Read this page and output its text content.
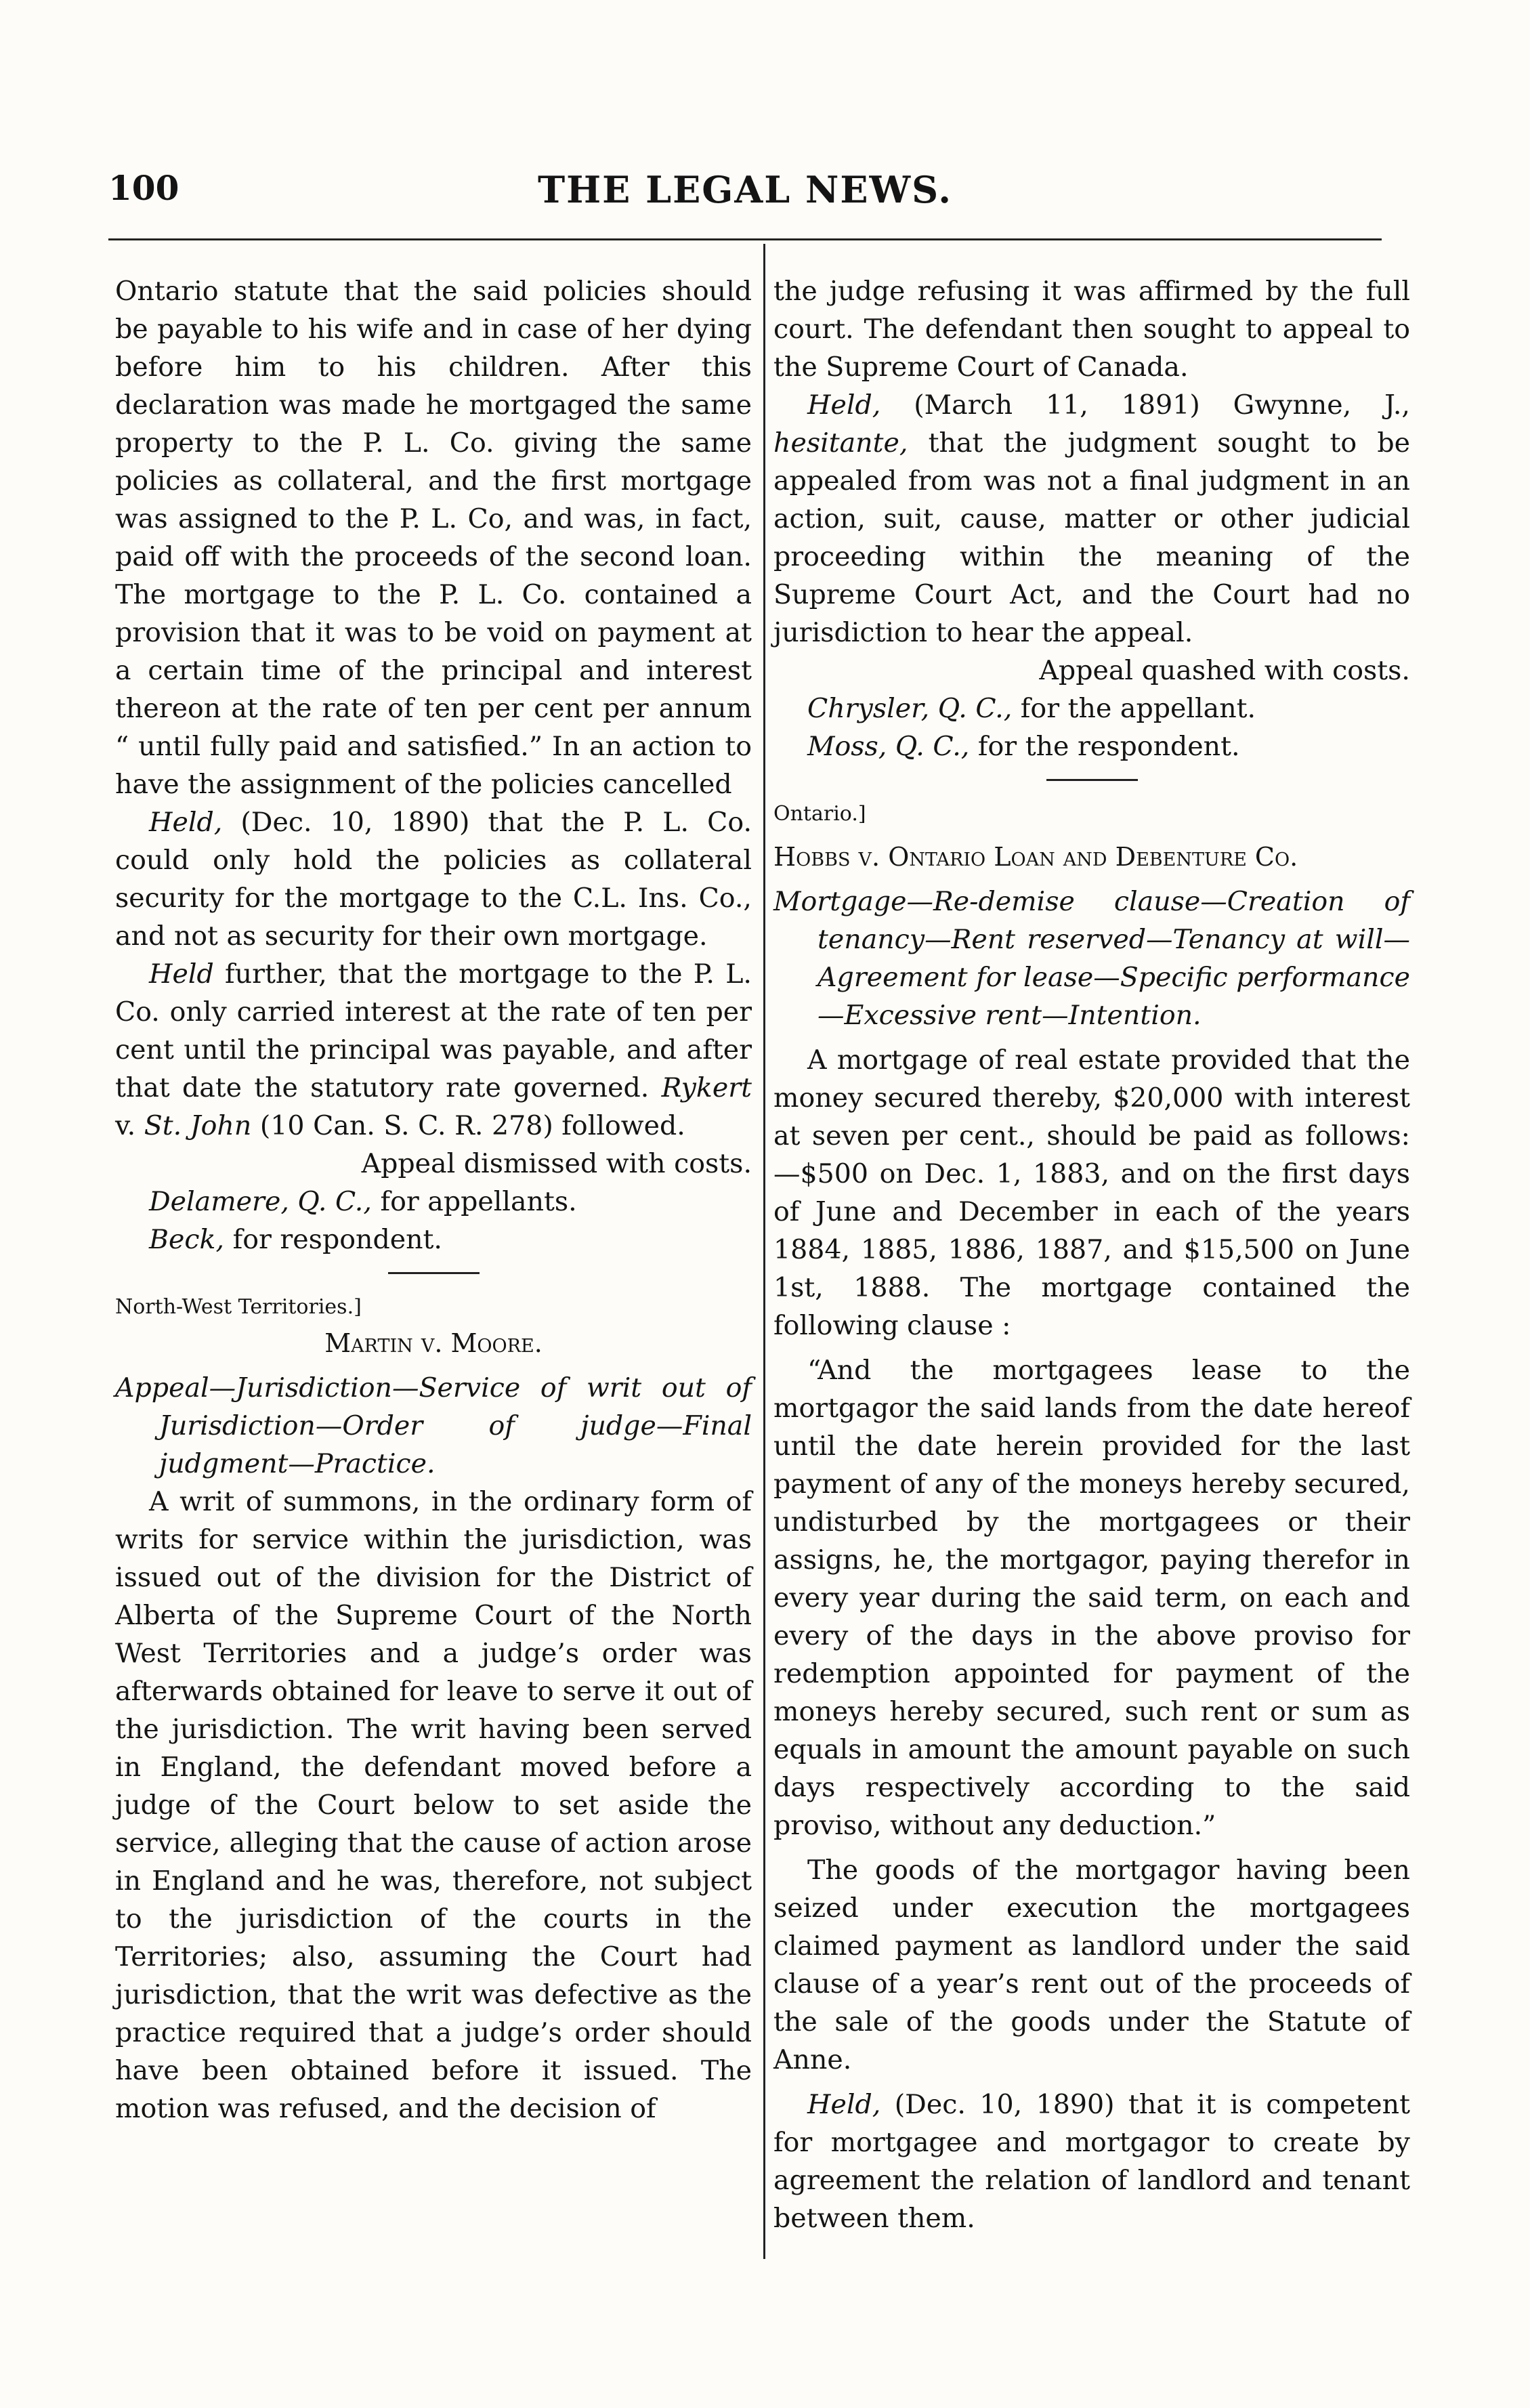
100	THE LEGAL NEWS.

Ontario statute that the said policies should be payable to his wife and in case of her dying before him to his children. After this declaration was made he mortgaged the same property to the P. L. Co. giving the same policies as collateral, and the first mortgage was assigned to the P. L. Co, and was, in fact, paid off with the proceeds of the second loan. The mortgage to the P. L. Co. contained a provision that it was to be void on payment at a certain time of the principal and interest thereon at the rate of ten per cent per annum “ until fully paid and satisfied.” In an action to have the assignment of the policies cancelled

Held, (Dec. 10, 1890) that the P. L. Co. could only hold the policies as collateral security for the mortgage to the C.L. Ins. Co., and not as security for their own mortgage.

Held further, that the mortgage to the P. L. Co. only carried interest at the rate of ten per cent until the principal was payable, and after that date the statutory rate governed. Rykert v. St. John (10 Can. S. C. R. 278) followed.

Appeal dismissed with costs.

Delamere, Q. C., for appellants.

Beck, for respondent.

North-West Territories.]

Martin v. Moore.

Appeal—Jurisdiction—Service of writ out of Jurisdiction—Order of judge—Final judgment—Practice.

A writ of summons, in the ordinary form of writs for service within the jurisdiction, was issued out of the division for the District of Alberta of the Supreme Court of the North West Territories and a judge’s order was afterwards obtained for leave to serve it out of the jurisdiction. The writ having been served in England, the defendant moved before a judge of the Court below to set aside the service, alleging that the cause of action arose in England and he was, therefore, not subject to the jurisdiction of the courts in the Territories; also, assuming the Court had jurisdiction, that the writ was defective as the practice required that a judge’s order should have been obtained before it issued. The motion was refused, and the decision of

the judge refusing it was affirmed by the full court. The defendant then sought to appeal to the Supreme Court of Canada.

Held, (March 11, 1891) Gwynne, J., hesitante, that the judgment sought to be appealed from was not a final judgment in an action, suit, cause, matter or other judicial proceeding within the meaning of the Supreme Court Act, and the Court had no jurisdiction to hear the appeal.

Appeal quashed with costs.

Chrysler, Q. C., for the appellant.

Moss, Q. C., for the respondent.

Ontario.]

Hobbs v. Ontario Loan and Debenture Co.

Mortgage—Re-demise clause—Creation of tenancy—Rent reserved—Tenancy at will—Agreement for lease—Specific performance—Excessive rent—Intention.

A mortgage of real estate provided that the money secured thereby, $20,000 with interest at seven per cent., should be paid as follows:—$500 on Dec. 1, 1883, and on the first days of June and December in each of the years 1884, 1885, 1886, 1887, and $15,500 on June 1st, 1888. The mortgage contained the following clause :

“And the mortgagees lease to the mortgagor the said lands from the date hereof until the date herein provided for the last payment of any of the moneys hereby secured, undisturbed by the mortgagees or their assigns, he, the mortgagor, paying therefor in every year during the said term, on each and every of the days in the above proviso for redemption appointed for payment of the moneys hereby secured, such rent or sum as equals in amount the amount payable on such days respectively according to the said proviso, without any deduction.”

The goods of the mortgagor having been seized under execution the mortgagees claimed payment as landlord under the said clause of a year’s rent out of the proceeds of the sale of the goods under the Statute of Anne.

Held, (Dec. 10, 1890) that it is competent for mortgagee and mortgagor to create by agreement the relation of landlord and tenant between them.
